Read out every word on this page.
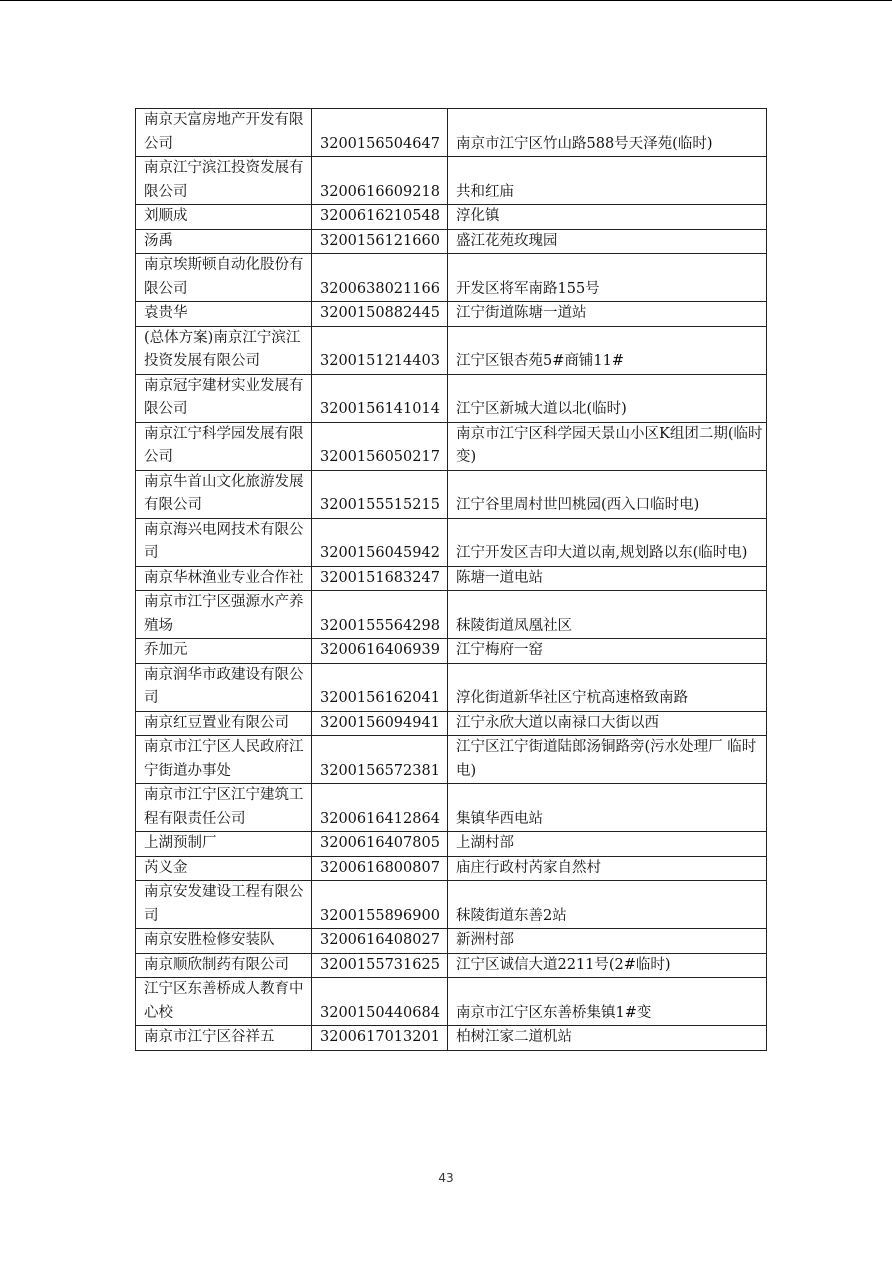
南京天富房地产开发有限公司	3200156504647	南京市江宁区竹山路588号天泽苑(临时)
南京江宁滨江投资发展有限公司	3200616609218	共和红庙
刘顺成	3200616210548	淳化镇
汤禹	3200156121660	盛江花苑玫瑰园
南京埃斯顿自动化股份有限公司	3200638021166	开发区将军南路155号
袁贵华	3200150882445	江宁街道陈塘一道站
(总体方案)南京江宁滨江投资发展有限公司	3200151214403	江宁区银杏苑5#商铺11#
南京冠宇建材实业发展有限公司	3200156141014	江宁区新城大道以北(临时)
南京江宁科学园发展有限公司	3200156050217	南京市江宁区科学园天景山小区K组团二期(临时变)
南京牛首山文化旅游发展有限公司	3200155515215	江宁谷里周村世凹桃园(西入口临时电)
南京海兴电网技术有限公司	3200156045942	江宁开发区吉印大道以南,规划路以东(临时电)
南京华林渔业专业合作社	3200151683247	陈塘一道电站
南京市江宁区强源水产养殖场	3200155564298	秣陵街道凤凰社区
乔加元	3200616406939	江宁梅府一窑
南京润华市政建设有限公司	3200156162041	淳化街道新华社区宁杭高速格致南路
南京红豆置业有限公司	3200156094941	江宁永欣大道以南禄口大街以西
南京市江宁区人民政府江宁街道办事处	3200156572381	江宁区江宁街道陆郎汤铜路旁(污水处理厂 临时电)
南京市江宁区江宁建筑工程有限责任公司	3200616412864	集镇华西电站
上湖预制厂	3200616407805	上湖村部
芮义金	3200616800807	庙庄行政村芮家自然村
南京安发建设工程有限公司	3200155896900	秣陵街道东善2站
南京安胜检修安装队	3200616408027	新洲村部
南京顺欣制药有限公司	3200155731625	江宁区诚信大道2211号(2#临时)
江宁区东善桥成人教育中心校	3200150440684	南京市江宁区东善桥集镇1#变
南京市江宁区谷祥五	3200617013201	柏树江家二道机站
43
